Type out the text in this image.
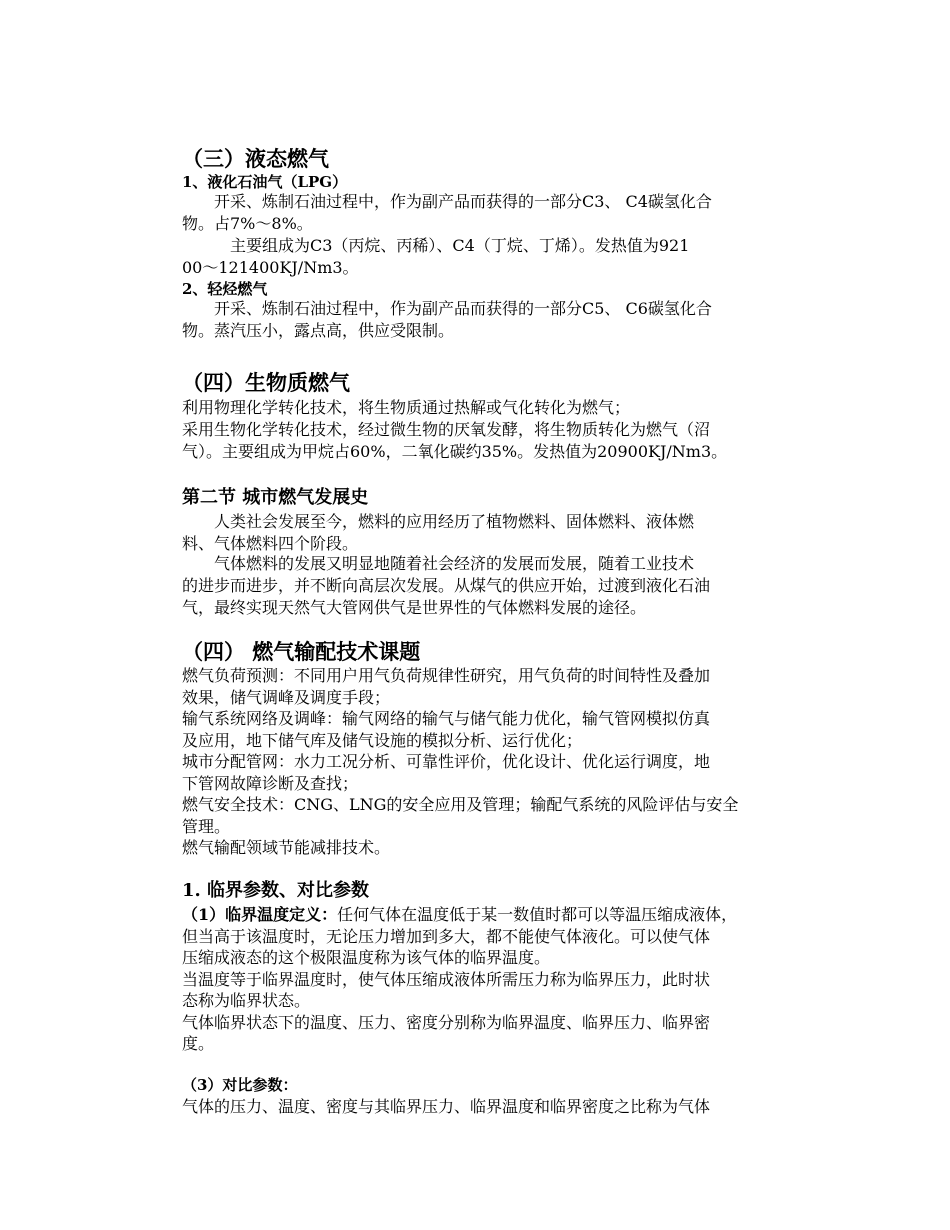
（三）液态燃气
1、液化石油气（LPG）
　　开采、炼制石油过程中，作为副产品而获得的一部分C3、 C4碳氢化合
物。占7%～8%。
　　　主要组成为C3（丙烷、丙稀）、C4（丁烷、丁烯）。发热值为921
00～121400KJ/Nm3。
2、轻烃燃气
　　开采、炼制石油过程中，作为副产品而获得的一部分C5、 C6碳氢化合
物。蒸汽压小，露点高，供应受限制。
（四）生物质燃气
利用物理化学转化技术，将生物质通过热解或气化转化为燃气；
采用生物化学转化技术，经过微生物的厌氧发酵，将生物质转化为燃气（沼
气）。主要组成为甲烷占60%，二氧化碳约35%。发热值为20900KJ/Nm3。
第二节 城市燃气发展史
　　人类社会发展至今，燃料的应用经历了植物燃料、固体燃料、液体燃
料、气体燃料四个阶段。
　　气体燃料的发展又明显地随着社会经济的发展而发展，随着工业技术
的进步而进步，并不断向高层次发展。从煤气的供应开始，过渡到液化石油
气，最终实现天然气大管网供气是世界性的气体燃料发展的途径。
（四） 燃气输配技术课题
燃气负荷预测：不同用户用气负荷规律性研究，用气负荷的时间特性及叠加
效果，储气调峰及调度手段；
输气系统网络及调峰：输气网络的输气与储气能力优化，输气管网模拟仿真
及应用，地下储气库及储气设施的模拟分析、运行优化；
城市分配管网：水力工况分析、可靠性评价，优化设计、优化运行调度，地
下管网故障诊断及查找；
燃气安全技术：CNG、LNG的安全应用及管理；输配气系统的风险评估与安全
管理。
燃气输配领域节能减排技术。
1. 临界参数、对比参数
（1）临界温度定义：任何气体在温度低于某一数值时都可以等温压缩成液体，
但当高于该温度时，无论压力增加到多大，都不能使气体液化。可以使气体
压缩成液态的这个极限温度称为该气体的临界温度。
当温度等于临界温度时，使气体压缩成液体所需压力称为临界压力，此时状
态称为临界状态。
气体临界状态下的温度、压力、密度分别称为临界温度、临界压力、临界密
度。
（3）对比参数：
气体的压力、温度、密度与其临界压力、临界温度和临界密度之比称为气体
